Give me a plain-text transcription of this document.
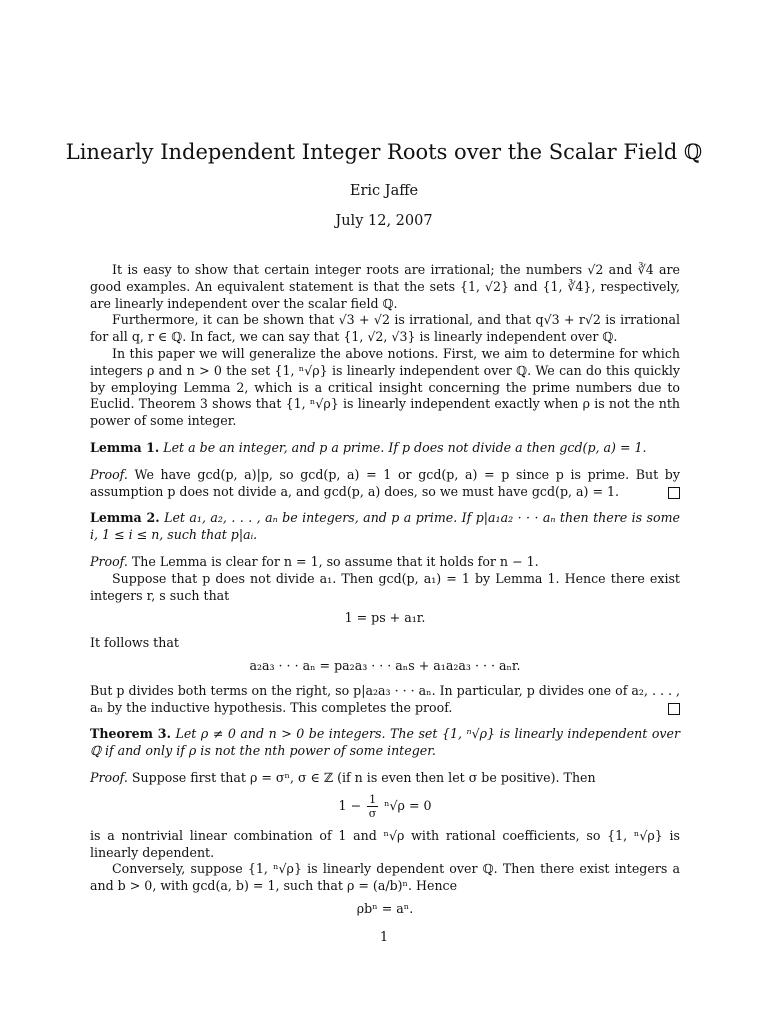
Linearly Independent Integer Roots over the Scalar Field ℚ
Eric Jaffe
July 12, 2007

It is easy to show that certain integer roots are irrational; the numbers √2 and ∛4 are good examples. An equivalent statement is that the sets {1, √2} and {1, ∛4}, respectively, are linearly independent over the scalar field ℚ.

Furthermore, it can be shown that √3 + √2 is irrational, and that q√3 + r√2 is irrational for all q, r ∈ ℚ. In fact, we can say that {1, √2, √3} is linearly independent over ℚ.

In this paper we will generalize the above notions. First, we aim to determine for which integers ρ and n > 0 the set {1, ⁿ√ρ} is linearly independent over ℚ. We can do this quickly by employing Lemma 2, which is a critical insight concerning the prime numbers due to Euclid. Theorem 3 shows that {1, ⁿ√ρ} is linearly independent exactly when ρ is not the nth power of some integer.

Lemma 1. Let a be an integer, and p a prime. If p does not divide a then gcd(p, a) = 1.

Proof. We have gcd(p, a)|p, so gcd(p, a) = 1 or gcd(p, a) = p since p is prime. But by assumption p does not divide a, and gcd(p, a) does, so we must have gcd(p, a) = 1.

Lemma 2. Let a₁, a₂, . . . , aₙ be integers, and p a prime. If p|a₁a₂ · · · aₙ then there is some i, 1 ≤ i ≤ n, such that p|aᵢ.

Proof. The Lemma is clear for n = 1, so assume that it holds for n − 1.

Suppose that p does not divide a₁. Then gcd(p, a₁) = 1 by Lemma 1. Hence there exist integers r, s such that

1 = ps + a₁r.

It follows that

a₂a₃ · · · aₙ = pa₂a₃ · · · aₙs + a₁a₂a₃ · · · aₙr.

But p divides both terms on the right, so p|a₂a₃ · · · aₙ. In particular, p divides one of a₂, . . . , aₙ by the inductive hypothesis. This completes the proof.

Theorem 3. Let ρ ≠ 0 and n > 0 be integers. The set {1, ⁿ√ρ} is linearly independent over ℚ if and only if ρ is not the nth power of some integer.

Proof. Suppose first that ρ = σⁿ, σ ∈ ℤ (if n is even then let σ be positive). Then

$1 - \frac{1}{\sigma} ^n√\rho = 0$

is a nontrivial linear combination of 1 and ⁿ√ρ with rational coefficients, so {1, ⁿ√ρ} is linearly dependent.

Conversely, suppose {1, ⁿ√ρ} is linearly dependent over ℚ. Then there exist integers a and b > 0, with gcd(a, b) = 1, such that ρ = (a/b)ⁿ. Hence

ρbⁿ = aⁿ.

1
